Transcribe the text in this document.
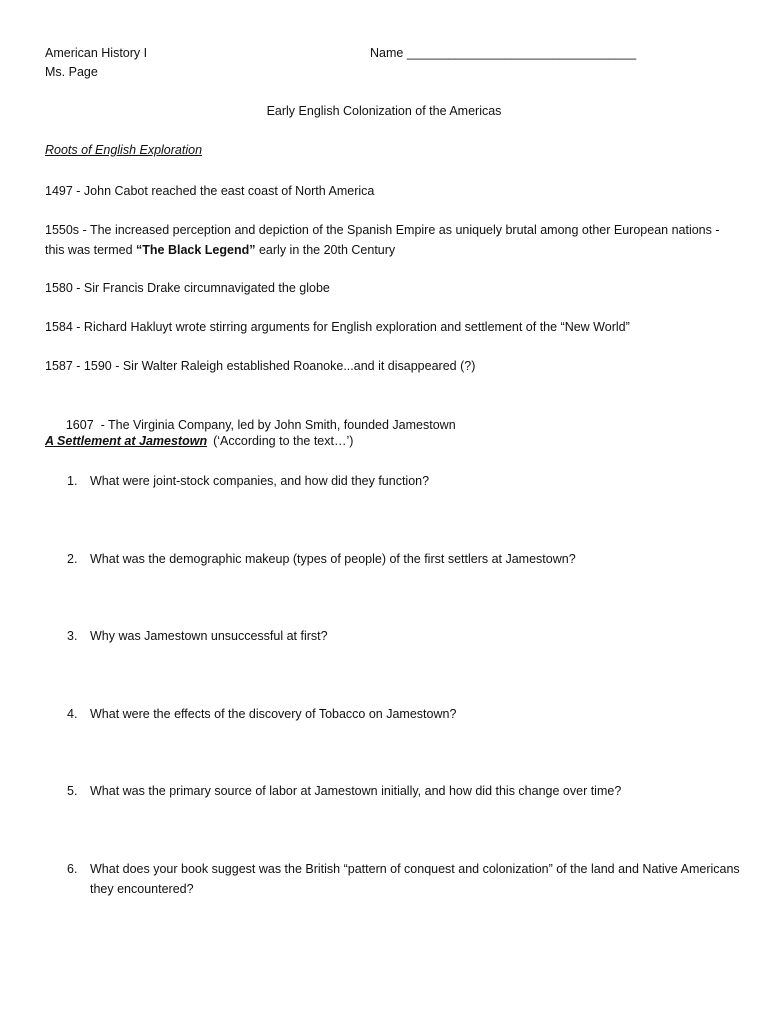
American History I
Ms. Page
Name _________________________________
Early English Colonization of the Americas
Roots of English Exploration
1497 - John Cabot reached the east coast of North America
1550s - The increased perception and depiction of the Spanish Empire as uniquely brutal among other European nations - this was termed “The Black Legend” early in the 20th Century
1580 - Sir Francis Drake circumnavigated the globe
1584 - Richard Hakluyt wrote stirring arguments for English exploration and settlement of the “New World”
1587 - 1590 - Sir Walter Raleigh established Roanoke...and it disappeared (?)

1607  - The Virginia Company, led by John Smith, founded Jamestown

A Settlement at Jamestown (‘According to the text…’)
1. What were joint-stock companies, and how did they function?
2. What was the demographic makeup (types of people) of the first settlers at Jamestown?
3. Why was Jamestown unsuccessful at first?
4. What were the effects of the discovery of Tobacco on Jamestown?
5. What was the primary source of labor at Jamestown initially, and how did this change over time?
6. What does your book suggest was the British “pattern of conquest and colonization” of the land and Native Americans they encountered?
